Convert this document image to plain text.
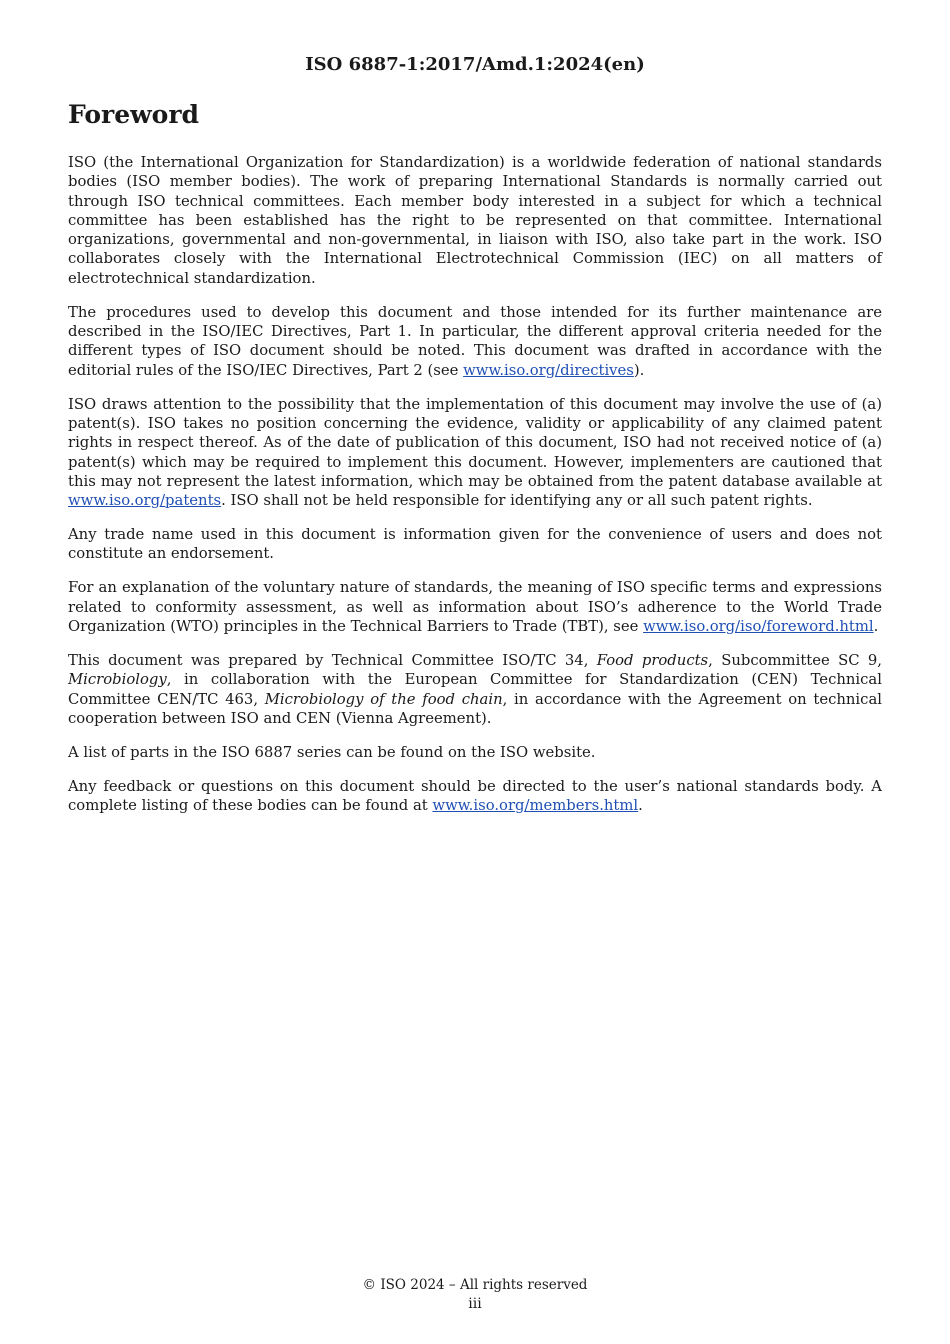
ISO 6887-1:2017/Amd.1:2024(en)
Foreword

ISO (the International Organization for Standardization) is a worldwide federation of national standards bodies (ISO member bodies). The work of preparing International Standards is normally carried out through ISO technical committees. Each member body interested in a subject for which a technical committee has been established has the right to be represented on that committee. International organizations, governmental and non-governmental, in liaison with ISO, also take part in the work. ISO collaborates closely with the International Electrotechnical Commission (IEC) on all matters of electrotechnical standardization.

The procedures used to develop this document and those intended for its further maintenance are described in the ISO/IEC Directives, Part 1. In particular, the different approval criteria needed for the different types of ISO document should be noted. This document was drafted in accordance with the editorial rules of the ISO/IEC Directives, Part 2 (see www.iso.org/directives).

ISO draws attention to the possibility that the implementation of this document may involve the use of (a) patent(s). ISO takes no position concerning the evidence, validity or applicability of any claimed patent rights in respect thereof. As of the date of publication of this document, ISO had not received notice of (a) patent(s) which may be required to implement this document. However, implementers are cautioned that this may not represent the latest information, which may be obtained from the patent database available at www.iso.org/patents. ISO shall not be held responsible for identifying any or all such patent rights.

Any trade name used in this document is information given for the convenience of users and does not constitute an endorsement.

For an explanation of the voluntary nature of standards, the meaning of ISO specific terms and expressions related to conformity assessment, as well as information about ISO’s adherence to the World Trade Organization (WTO) principles in the Technical Barriers to Trade (TBT), see www.iso.org/iso/foreword.html.

This document was prepared by Technical Committee ISO/TC 34, Food products, Subcommittee SC 9, Microbiology, in collaboration with the European Committee for Standardization (CEN) Technical Committee CEN/TC 463, Microbiology of the food chain, in accordance with the Agreement on technical cooperation between ISO and CEN (Vienna Agreement).

A list of parts in the ISO 6887 series can be found on the ISO website.

Any feedback or questions on this document should be directed to the user’s national standards body. A complete listing of these bodies can be found at www.iso.org/members.html.

© ISO 2024 – All rights reserved
iii
